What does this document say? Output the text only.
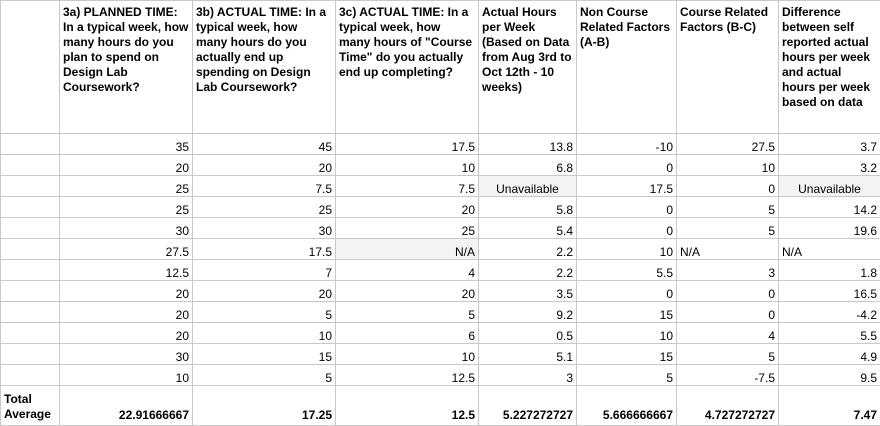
	3a) PLANNED TIME: In a typical week, how many hours do you plan to spend on Design Lab Coursework?	3b) ACTUAL TIME: In a typical week, how many hours do you actually end up spending on Design Lab Coursework?	3c) ACTUAL TIME: In a typical week, how many hours of "Course Time" do you actually end up completing?	Actual Hours per Week (Based on Data from Aug 3rd to Oct 12th - 10 weeks)	Non Course Related Factors (A-B)	Course Related Factors (B-C)	Difference between self reported actual hours per week and actual hours per week based on data
	35	45	17.5	13.8	-10	27.5	3.7
	20	20	10	6.8	0	10	3.2
	25	7.5	7.5	Unavailable	17.5	0	Unavailable
	25	25	20	5.8	0	5	14.2
	30	30	25	5.4	0	5	19.6
	27.5	17.5	N/A	2.2	10	N/A	N/A
	12.5	7	4	2.2	5.5	3	1.8
	20	20	20	3.5	0	0	16.5
	20	5	5	9.2	15	0	-4.2
	20	10	6	0.5	10	4	5.5
	30	15	10	5.1	15	5	4.9
	10	5	12.5	3	5	-7.5	9.5
Total Average	22.91666667	17.25	12.5	5.227272727	5.666666667	4.727272727	7.47
